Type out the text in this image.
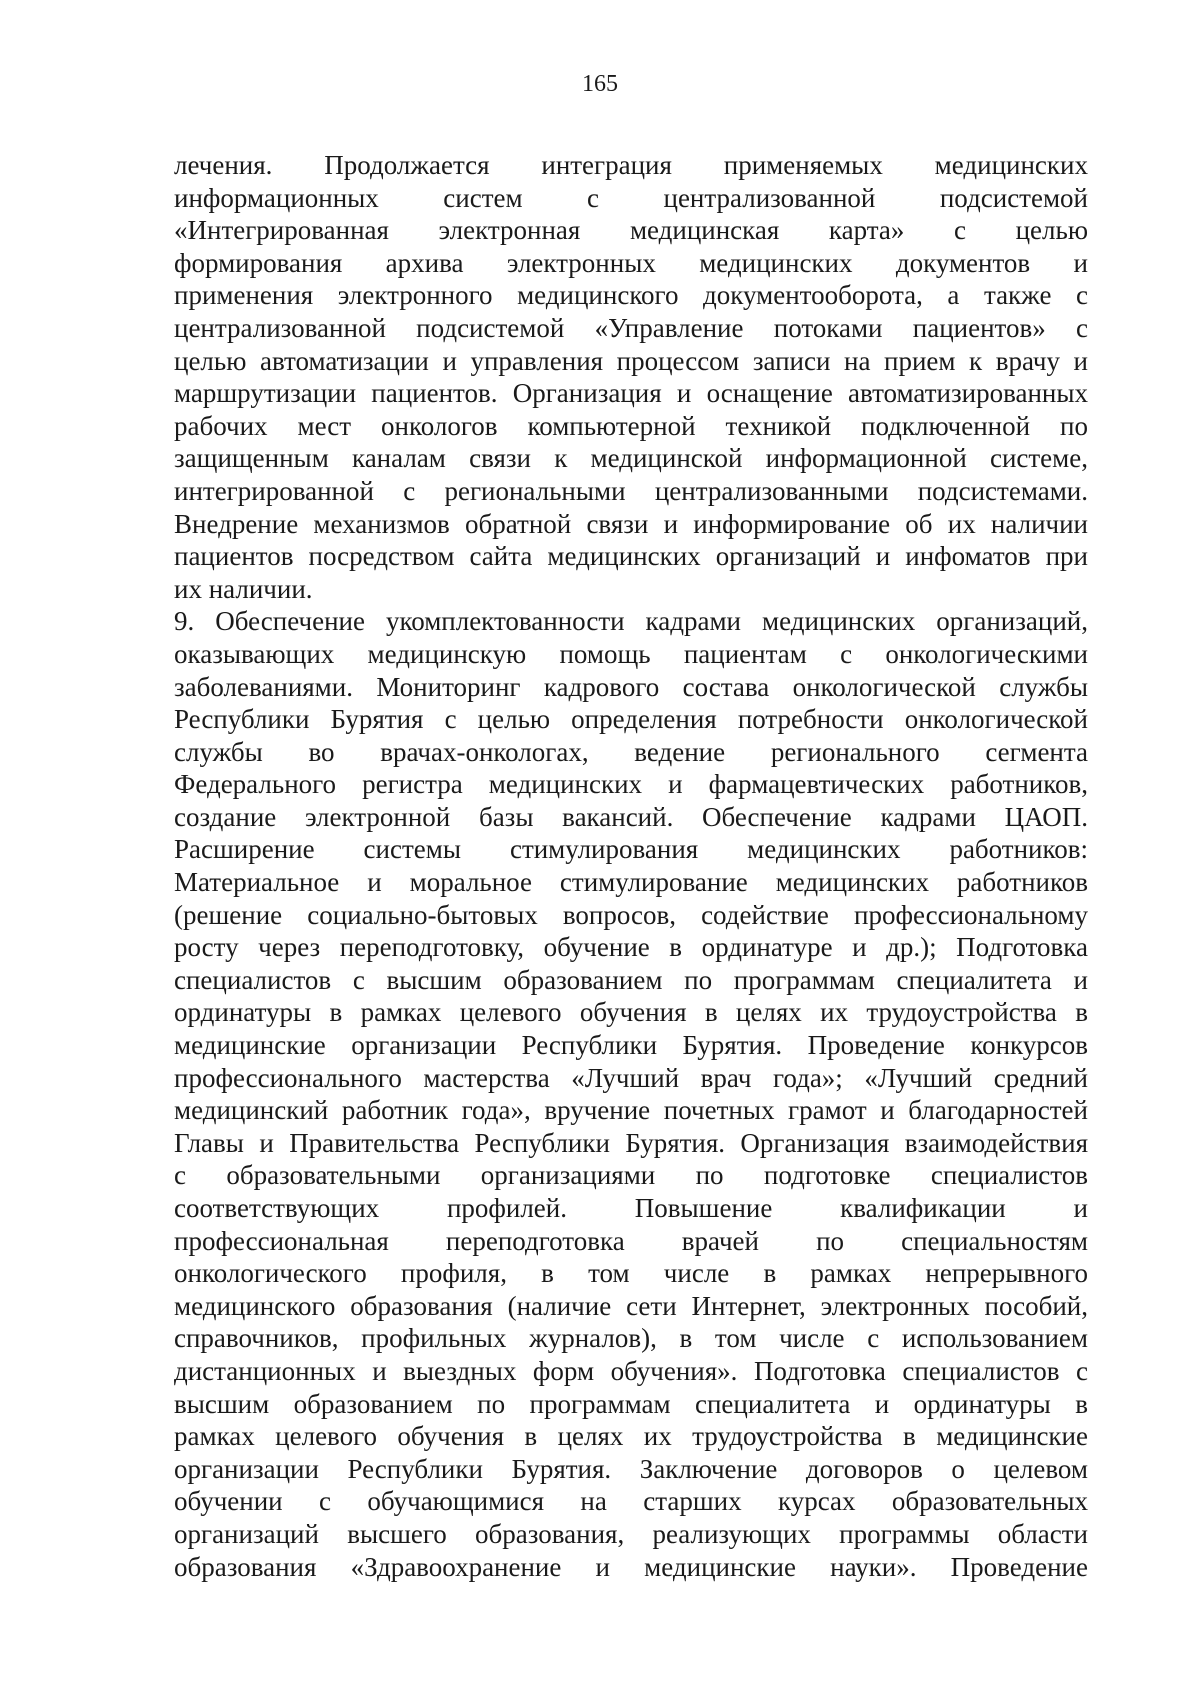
165
лечения. Продолжается интеграция применяемых медицинских
информационных систем с централизованной подсистемой
«Интегрированная электронная медицинская карта» с целью
формирования архива электронных медицинских документов и
применения электронного медицинского документооборота, а также с
централизованной подсистемой «Управление потоками пациентов» с
целью автоматизации и управления процессом записи на прием к врачу и
маршрутизации пациентов. Организация и оснащение автоматизированных
рабочих мест онкологов компьютерной техникой подключенной по
защищенным каналам связи к медицинской информационной системе,
интегрированной с региональными централизованными подсистемами.
Внедрение механизмов обратной связи и информирование об их наличии
пациентов посредством сайта медицинских организаций и инфоматов при
их наличии.
9. Обеспечение укомплектованности кадрами медицинских организаций,
оказывающих медицинскую помощь пациентам с онкологическими
заболеваниями. Мониторинг кадрового состава онкологической службы
Республики Бурятия с целью определения потребности онкологической
службы во врачах-онкологах, ведение регионального сегмента
Федерального регистра медицинских и фармацевтических работников,
создание электронной базы вакансий. Обеспечение кадрами ЦАОП.
Расширение системы стимулирования медицинских работников:
Материальное и моральное стимулирование медицинских работников
(решение социально-бытовых вопросов, содействие профессиональному
росту через переподготовку, обучение в ординатуре и др.); Подготовка
специалистов с высшим образованием по программам специалитета и
ординатуры в рамках целевого обучения в целях их трудоустройства в
медицинские организации Республики Бурятия. Проведение конкурсов
профессионального мастерства «Лучший врач года»; «Лучший средний
медицинский работник года», вручение почетных грамот и благодарностей
Главы и Правительства Республики Бурятия. Организация взаимодействия
с образовательными организациями по подготовке специалистов
соответствующих профилей. Повышение квалификации и
профессиональная переподготовка врачей по специальностям
онкологического профиля, в том числе в рамках непрерывного
медицинского образования (наличие сети Интернет, электронных пособий,
справочников, профильных журналов), в том числе с использованием
дистанционных и выездных форм обучения». Подготовка специалистов с
высшим образованием по программам специалитета и ординатуры в
рамках целевого обучения в целях их трудоустройства в медицинские
организации Республики Бурятия. Заключение договоров о целевом
обучении с обучающимися на старших курсах образовательных
организаций высшего образования, реализующих программы области
образования «Здравоохранение и медицинские науки». Проведение
